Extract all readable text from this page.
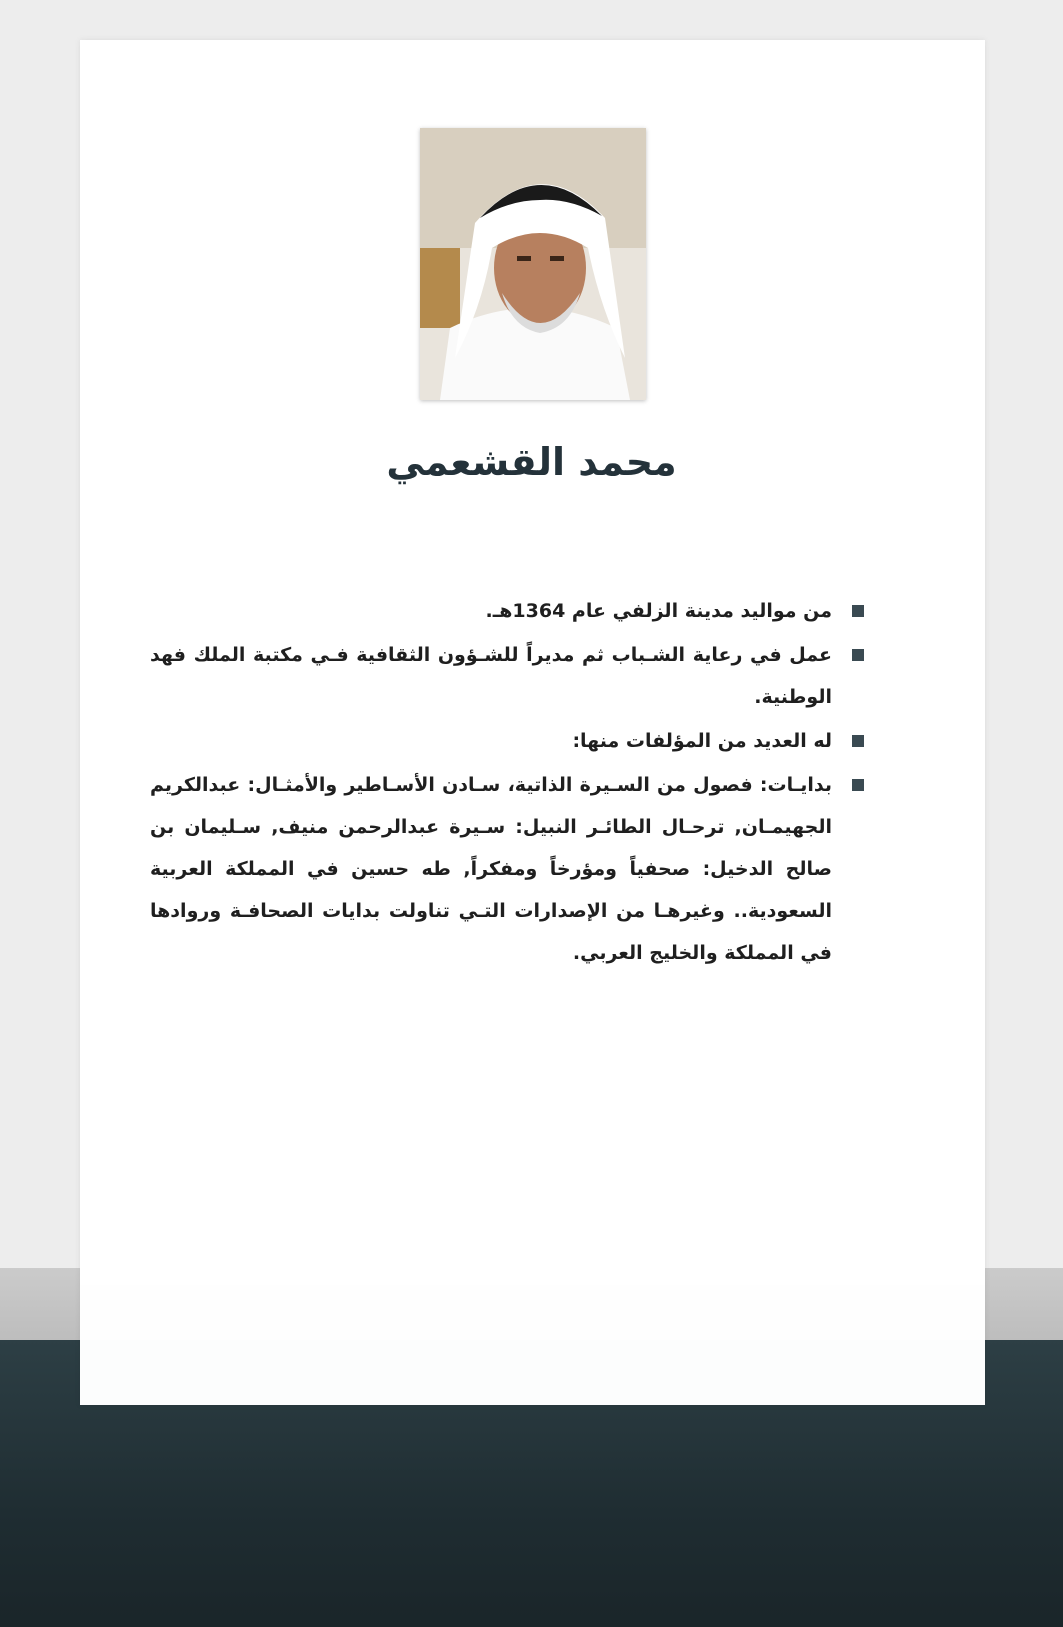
محمد القشعمي
من مواليد مدينة الزلفي عام 1364هـ.
عمل في رعاية الشـباب ثم مديراً للشـؤون الثقافية فـي مكتبة الملك فهد الوطنية.
له العديد من المؤلفات منها:
بدايـات: فصول من السـيرة الذاتية، سـادن الأسـاطير والأمثـال: عبدالكريم الجهيمـان, ترحـال الطائـر النبيل: سـيرة عبدالرحمن منيف, سـليمان بن صالح الدخيل: صحفياً ومؤرخاً ومفكراً, طه حسين في المملكة العربية السعودية.. وغيرهـا من الإصدارات التـي تناولت بدايات الصحافـة وروادها في المملكة والخليج العربي.
